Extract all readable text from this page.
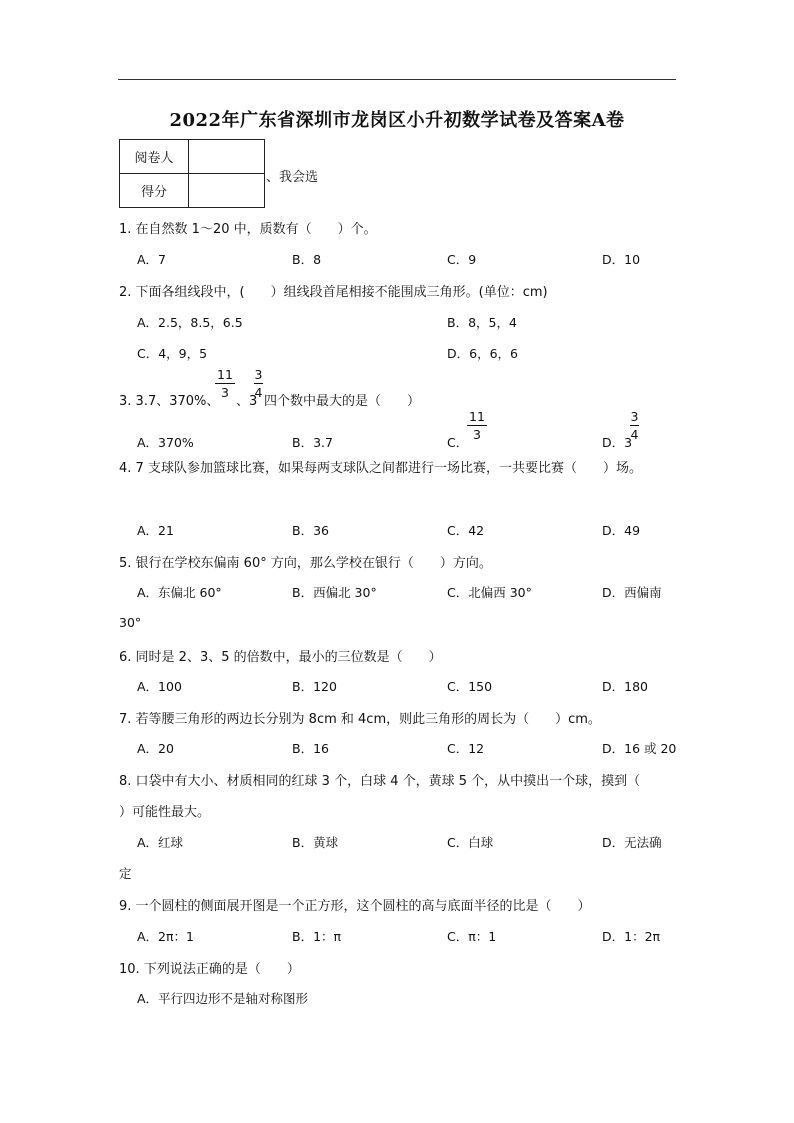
2022年广东省深圳市龙岗区小升初数学试卷及答案A卷
阅卷人	
得分	
、我会选
1. 在自然数 1～20 中，质数有（　　）个。
A．7	B．8	C．9	D．10
2. 下面各组线段中，(　　）组线段首尾相接不能围成三角形。(单位：cm)
A．2.5，8.5，6.5	B．8，5，4
C．4，9，5	D．6，6，6
3. 3.7、370%、
11
3
、3
3
4
四个数中最大的是（　　）
A．370%	B．3.7	C．
11
3
D．3
3
4
4. 7 支球队参加篮球比赛，如果每两支球队之间都进行一场比赛，一共要比赛（　　）场。
A．21	B．36	C．42	D．49
5. 银行在学校东偏南 60° 方向，那么学校在银行（　　）方向。
A．东偏北 60°	B．西偏北 30°	C．北偏西 30°	D．西偏南
30°
6. 同时是 2、3、5 的倍数中，最小的三位数是（　　）
A．100	B．120	C．150	D．180
7. 若等腰三角形的两边长分别为 8cm 和 4cm，则此三角形的周长为（　　）cm。
A．20	B．16	C．12	D．16 或 20
8. 口袋中有大小、材质相同的红球 3 个，白球 4 个，黄球 5 个，从中摸出一个球，摸到（
）可能性最大。
A．红球	B．黄球	C．白球	D．无法确
定
9. 一个圆柱的侧面展开图是一个正方形，这个圆柱的高与底面半径的比是（　　）
A．2π：1	B．1：π	C．π：1	D．1：2π
10. 下列说法正确的是（　　）
A．平行四边形不是轴对称图形
